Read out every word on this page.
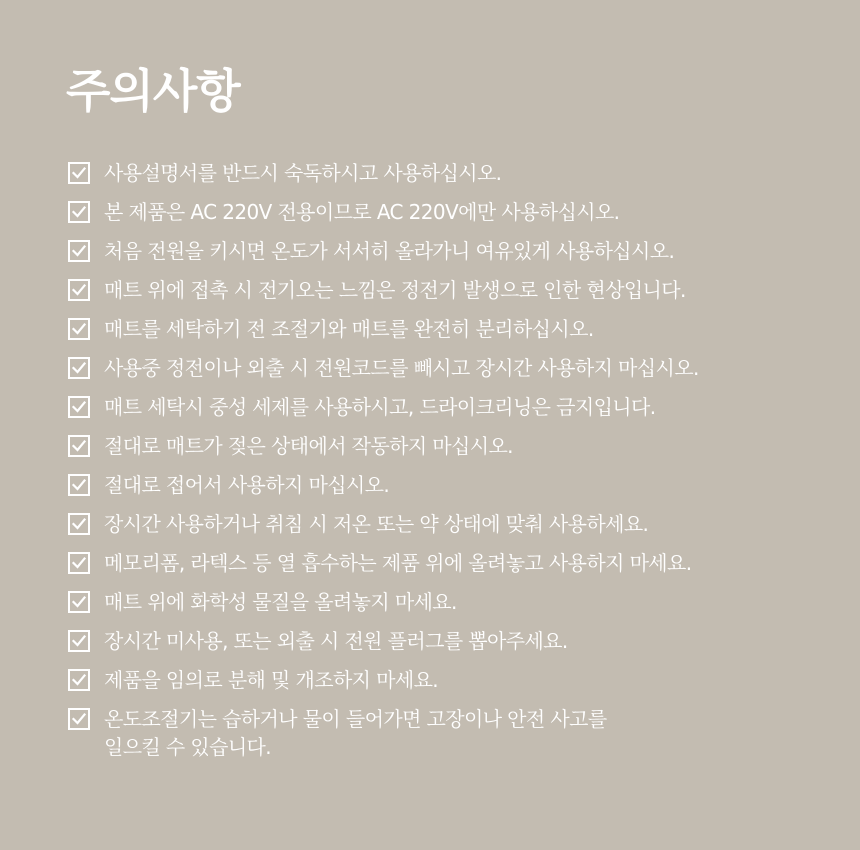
주의사항
사용설명서를 반드시 숙독하시고 사용하십시오.
본 제품은 AC 220V 전용이므로 AC 220V에만 사용하십시오.
처음 전원을 키시면 온도가 서서히 올라가니 여유있게 사용하십시오.
매트 위에 접촉 시 전기오는 느낌은 정전기 발생으로 인한 현상입니다.
매트를 세탁하기 전 조절기와 매트를 완전히 분리하십시오.
사용중 정전이나 외출 시 전원코드를 빼시고 장시간 사용하지 마십시오.
매트 세탁시 중성 세제를 사용하시고, 드라이크리닝은 금지입니다.
절대로 매트가 젖은 상태에서 작동하지 마십시오.
절대로 접어서 사용하지 마십시오.
장시간 사용하거나 취침 시 저온 또는 약 상태에 맞춰 사용하세요.
메모리폼, 라텍스 등 열 흡수하는 제품 위에 올려놓고 사용하지 마세요.
매트 위에 화학성 물질을 올려놓지 마세요.
장시간 미사용, 또는 외출 시 전원 플러그를 뽑아주세요.
제품을 임의로 분해 및 개조하지 마세요.
온도조절기는 습하거나 물이 들어가면 고장이나 안전 사고를
일으킬 수 있습니다.
